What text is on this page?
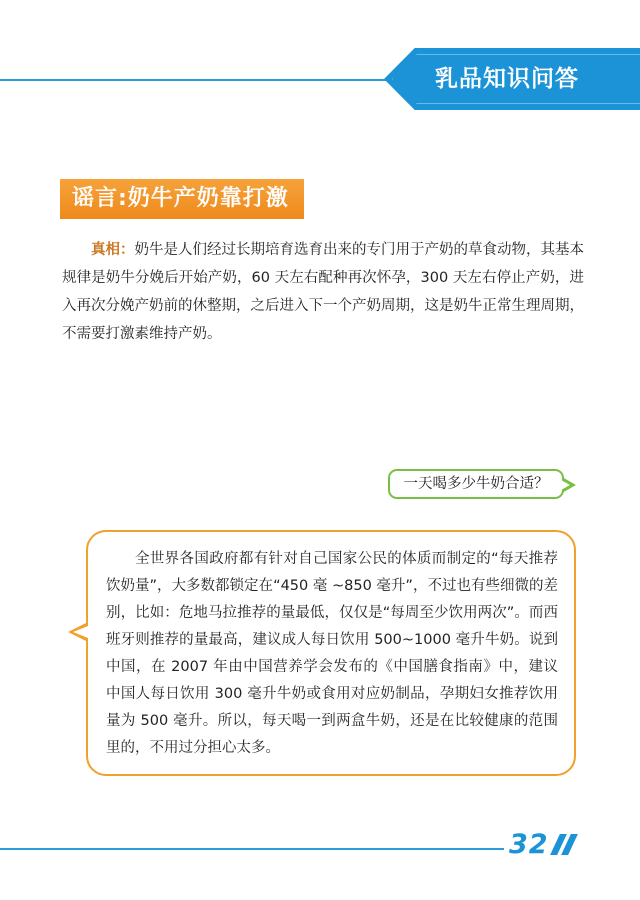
乳品知识问答
谣言:奶牛产奶靠打激素
真相：奶牛是人们经过长期培育选育出来的专门用于产奶的草食动物，其基本规律是奶牛分娩后开始产奶，60 天左右配种再次怀孕，300 天左右停止产奶，进入再次分娩产奶前的休整期，之后进入下一个产奶周期，这是奶牛正常生理周期，不需要打激素维持产奶。
一天喝多少牛奶合适？

全世界各国政府都有针对自己国家公民的体质而制定的“每天推荐饮奶量”，大多数都锁定在“450 毫 ~850 毫升”，不过也有些细微的差别，比如：危地马拉推荐的量最低，仅仅是“每周至少饮用两次”。而西班牙则推荐的量最高，建议成人每日饮用 500~1000 毫升牛奶。说到中国，在 2007 年由中国营养学会发布的《中国膳食指南》中，建议中国人每日饮用 300 毫升牛奶或食用对应奶制品，孕期妇女推荐饮用量为 500 毫升。所以，每天喝一到两盒牛奶，还是在比较健康的范围里的，不用过分担心太多。

32
